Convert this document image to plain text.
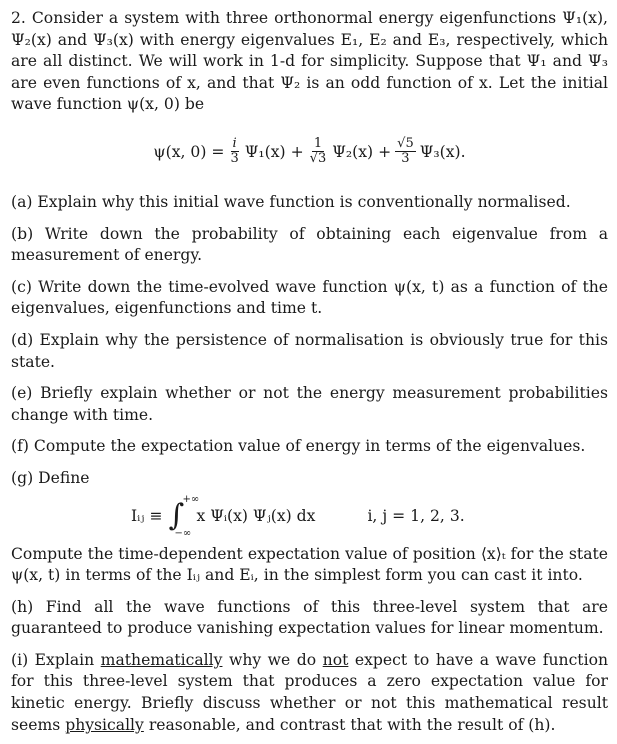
2. Consider a system with three orthonormal energy eigenfunctions Ψ₁(x), Ψ₂(x) and Ψ₃(x) with energy eigenvalues E₁, E₂ and E₃, respectively, which are all distinct. We will work in 1-d for simplicity. Suppose that Ψ₁ and Ψ₃ are even functions of x, and that Ψ₂ is an odd function of x. Let the initial wave function ψ(x, 0) be

ψ(x, $0) = \frac{i}{3} \Psi_1(x) + \frac{1}{√3} \Psi_2(x) + \frac{√5}{3} \Psi_3(x)$.

(a) Explain why this initial wave function is conventionally normalised.

(b) Write down the probability of obtaining each eigenvalue from a measurement of energy.

(c) Write down the time-evolved wave function ψ(x, t) as a function of the eigenvalues, eigenfunctions and time t.

(d) Explain why the persistence of normalisation is obviously true for this state.

(e) Briefly explain whether or not the energy measurement probabilities change with time.

(f) Compute the expectation value of energy in terms of the eigenvalues.

(g) Define

Iᵢⱼ ≡ ∫
+∞
−∞
x Ψᵢ(x) Ψⱼ(x) dx	i, j = 1, 2, 3.

Compute the time-dependent expectation value of position ⟨x⟩ₜ for the state ψ(x, t) in terms of the Iᵢⱼ and Eᵢ, in the simplest form you can cast it into.

(h) Find all the wave functions of this three-level system that are guaranteed to produce vanishing expectation values for linear momentum.

(i) Explain mathematically why we do not expect to have a wave function for this three-level system that produces a zero expectation value for kinetic energy. Briefly discuss whether or not this mathematical result seems physically reasonable, and contrast that with the result of (h).
